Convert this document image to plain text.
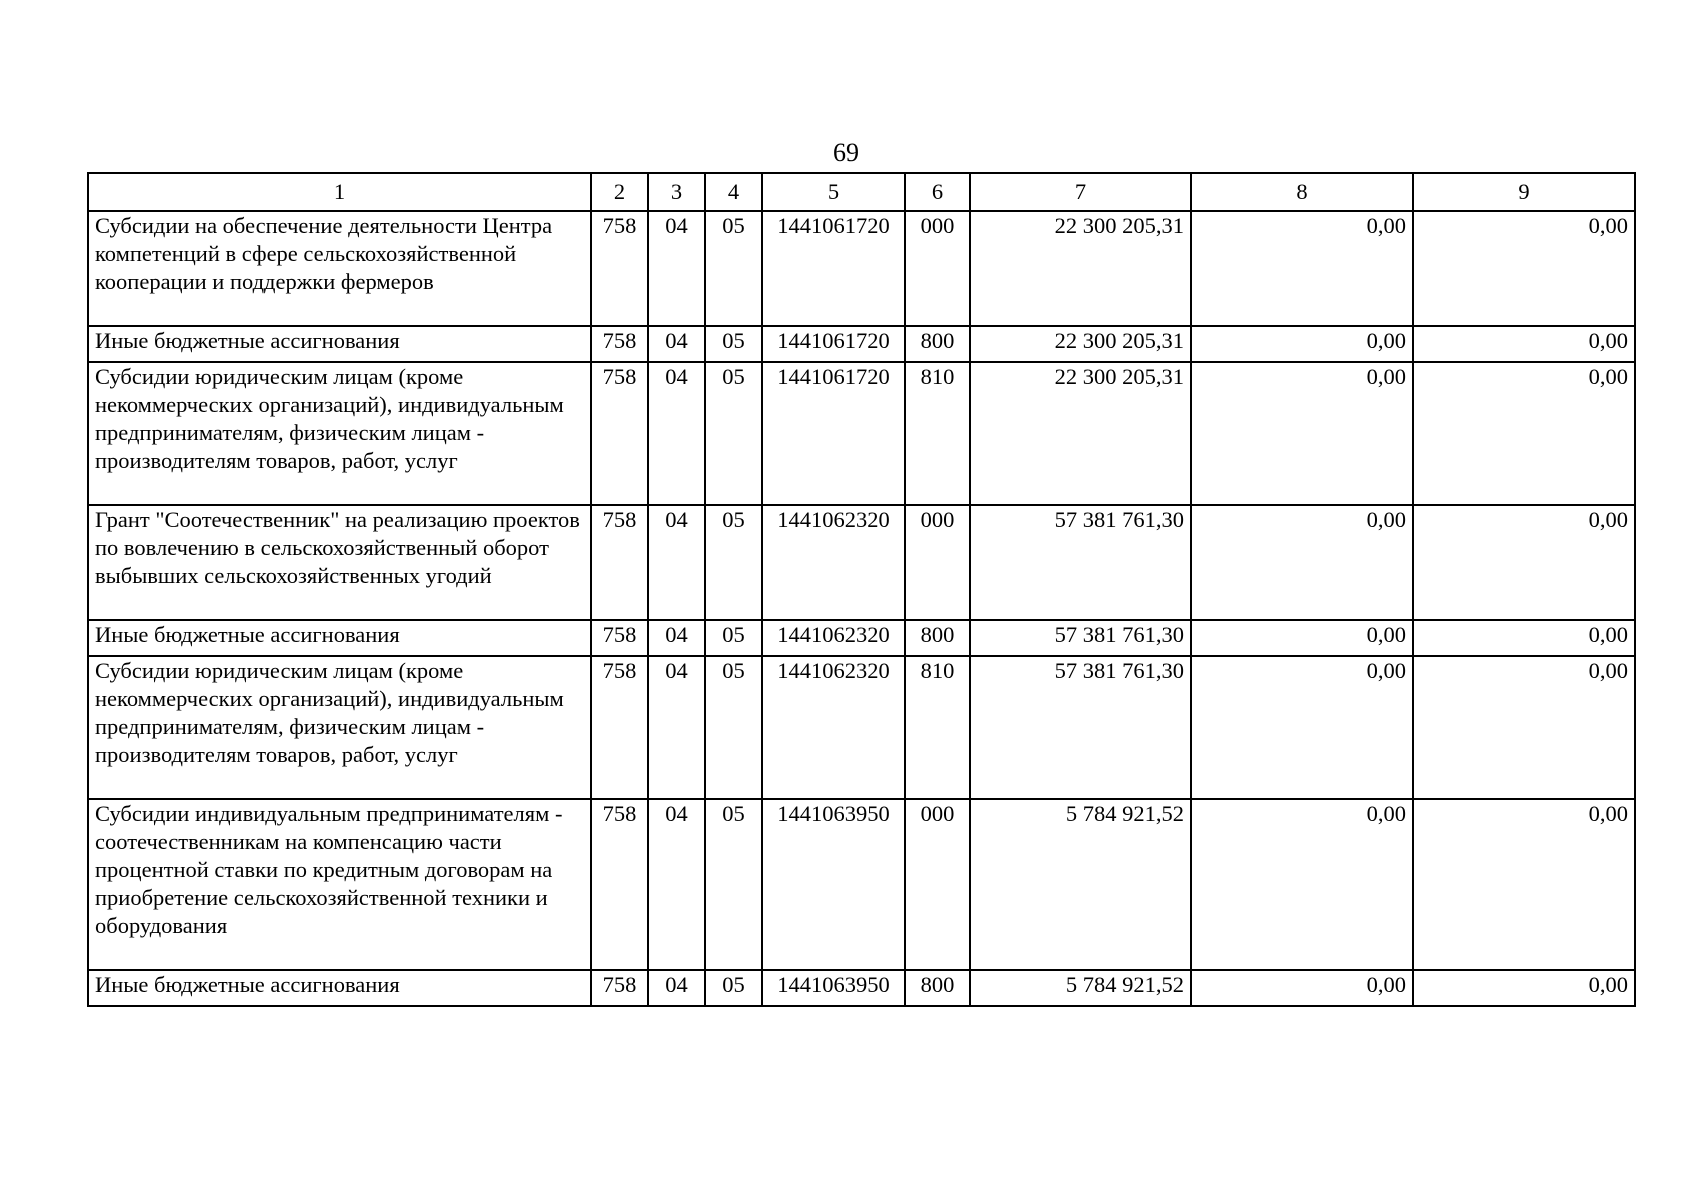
69
1	2	3	4	5	6	7	8	9
Субсидии на обеспечение деятельности Центра компетенций в сфере сельскохозяйственной кооперации и поддержки фермеров	758	04	05	1441061720	000	22 300 205,31	0,00	0,00
Иные бюджетные ассигнования	758	04	05	1441061720	800	22 300 205,31	0,00	0,00
Субсидии юридическим лицам (кроме некоммерческих организаций), индивидуальным предпринимателям, физическим лицам - производителям товаров, работ, услуг	758	04	05	1441061720	810	22 300 205,31	0,00	0,00
Грант "Соотечественник" на реализацию проектов по вовлечению в сельскохозяйственный оборот выбывших сельскохозяйственных угодий	758	04	05	1441062320	000	57 381 761,30	0,00	0,00
Иные бюджетные ассигнования	758	04	05	1441062320	800	57 381 761,30	0,00	0,00
Субсидии юридическим лицам (кроме некоммерческих организаций), индивидуальным предпринимателям, физическим лицам - производителям товаров, работ, услуг	758	04	05	1441062320	810	57 381 761,30	0,00	0,00
Субсидии индивидуальным предпринимателям - соотечественникам на компенсацию части процентной ставки по кредитным договорам на приобретение сельскохозяйственной техники и оборудования	758	04	05	1441063950	000	5 784 921,52	0,00	0,00
Иные бюджетные ассигнования	758	04	05	1441063950	800	5 784 921,52	0,00	0,00
